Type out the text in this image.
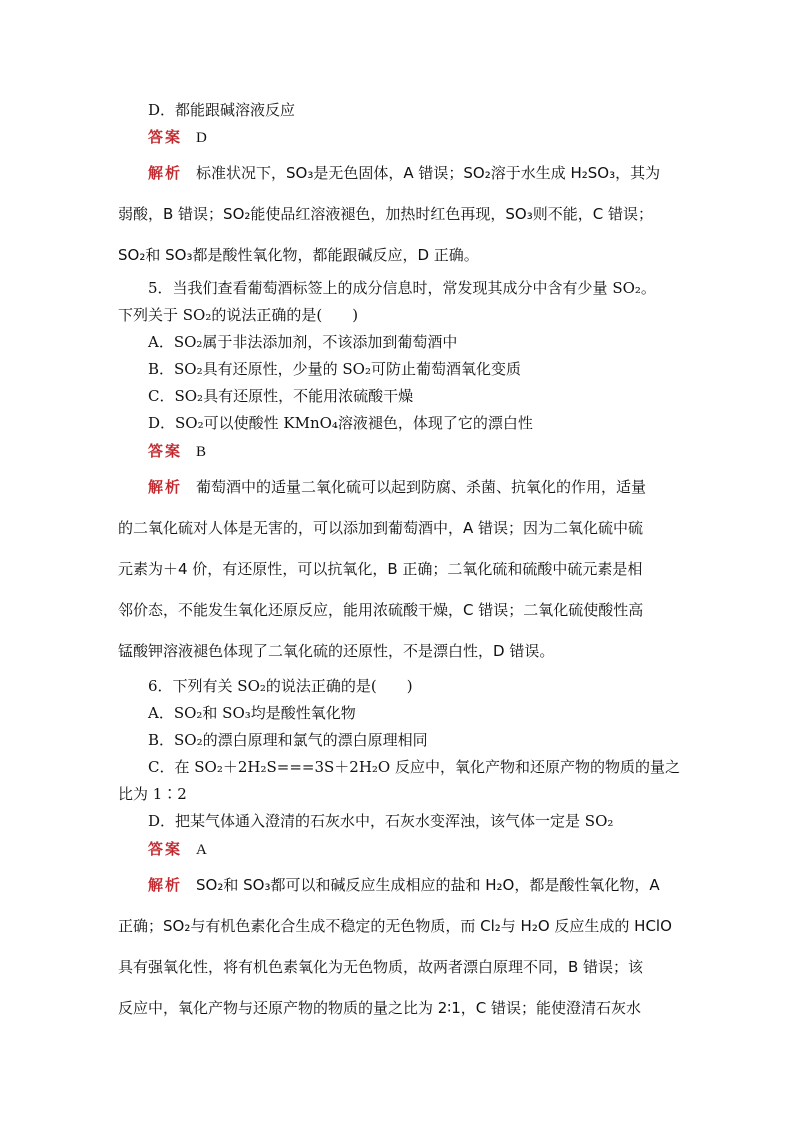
D．都能跟碱溶液反应
答案 D
解析 标准状况下，SO₃是无色固体，A 错误；SO₂溶于水生成 H₂SO₃，其为
弱酸，B 错误；SO₂能使品红溶液褪色，加热时红色再现，SO₃则不能，C 错误；
SO₂和 SO₃都是酸性氧化物，都能跟碱反应，D 正确。
5．当我们查看葡萄酒标签上的成分信息时，常发现其成分中含有少量 SO₂。
下列关于 SO₂的说法正确的是(　　)
A．SO₂属于非法添加剂，不该添加到葡萄酒中
B．SO₂具有还原性，少量的 SO₂可防止葡萄酒氧化变质
C．SO₂具有还原性，不能用浓硫酸干燥
D．SO₂可以使酸性 KMnO₄溶液褪色，体现了它的漂白性
答案 B
解析 葡萄酒中的适量二氧化硫可以起到防腐、杀菌、抗氧化的作用，适量
的二氧化硫对人体是无害的，可以添加到葡萄酒中，A 错误；因为二氧化硫中硫
元素为＋4 价，有还原性，可以抗氧化，B 正确；二氧化硫和硫酸中硫元素是相
邻价态，不能发生氧化还原反应，能用浓硫酸干燥，C 错误；二氧化硫使酸性高
锰酸钾溶液褪色体现了二氧化硫的还原性，不是漂白性，D 错误。
6．下列有关 SO₂的说法正确的是(　　)
A．SO₂和 SO₃均是酸性氧化物
B．SO₂的漂白原理和氯气的漂白原理相同
C．在 SO₂＋2H₂S===3S＋2H₂O 反应中，氧化产物和还原产物的物质的量之
比为 1∶2
D．把某气体通入澄清的石灰水中，石灰水变浑浊，该气体一定是 SO₂
答案 A
解析 SO₂和 SO₃都可以和碱反应生成相应的盐和 H₂O，都是酸性氧化物，A
正确；SO₂与有机色素化合生成不稳定的无色物质，而 Cl₂与 H₂O 反应生成的 HClO
具有强氧化性，将有机色素氧化为无色物质，故两者漂白原理不同，B 错误；该
反应中，氧化产物与还原产物的物质的量之比为 2∶1，C 错误；能使澄清石灰水
